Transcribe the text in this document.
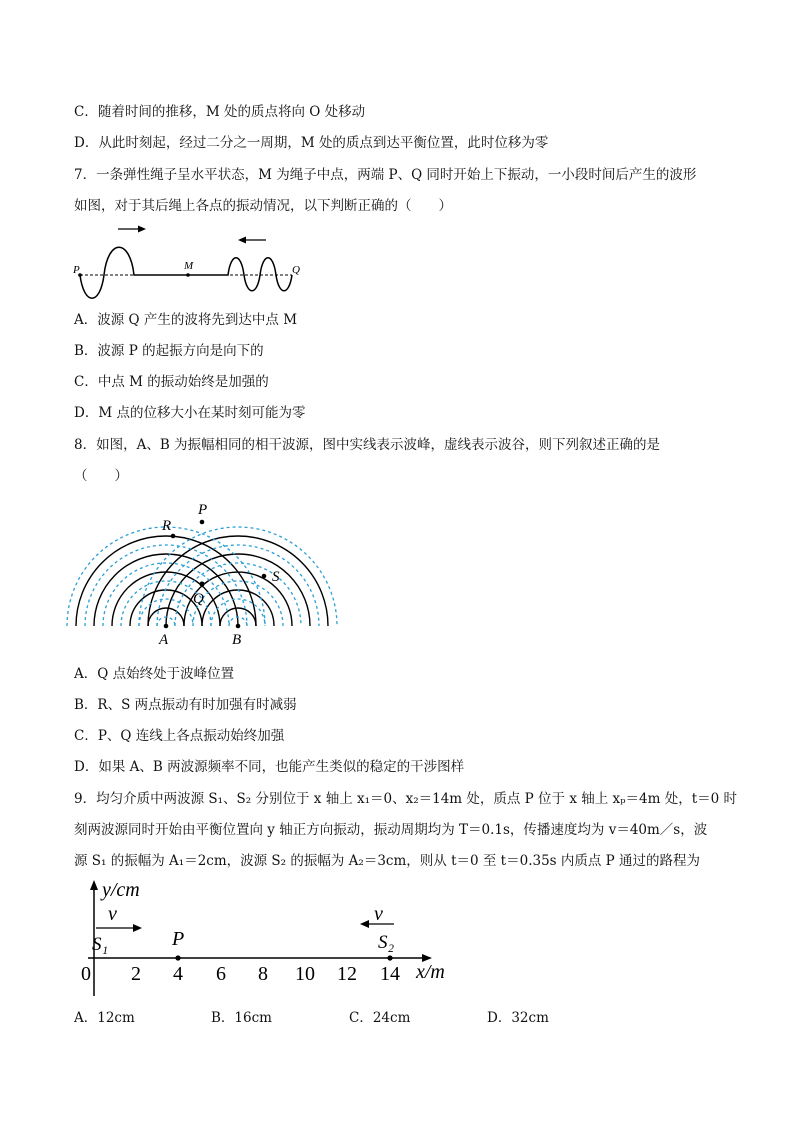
C．随着时间的推移，M 处的质点将向 O 处移动
D．从此时刻起，经过二分之一周期，M 处的质点到达平衡位置，此时位移为零
7．一条弹性绳子呈水平状态，M 为绳子中点，两端 P、Q 同时开始上下振动，一小段时间后产生的波形
如图，对于其后绳上各点的振动情况，以下判断正确的（　　）
P	M	Q
A．波源 Q 产生的波将先到达中点 M
B．波源 P 的起振方向是向下的
C．中点 M 的振动始终是加强的
D．M 点的位移大小在某时刻可能为零
8．如图，A、B 为振幅相同的相干波源，图中实线表示波峰，虚线表示波谷，则下列叙述正确的是
（　　）
P
R
S
Q
A	B
A．Q 点始终处于波峰位置
B．R、S 两点振动有时加强有时减弱
C．P、Q 连线上各点振动始终加强
D．如果 A、B 两波源频率不同，也能产生类似的稳定的干涉图样
9．均匀介质中两波源 S₁、S₂ 分别位于 x 轴上 x₁＝0、x₂＝14m 处，质点 P 位于 x 轴上 xₚ＝4m 处，t＝0 时
刻两波源同时开始由平衡位置向 y 轴正方向振动，振动周期均为 T＝0.1s，传播速度均为 v＝40m／s，波
源 S₁ 的振幅为 A₁＝2cm，波源 S₂ 的振幅为 A₂＝3cm，则从 t＝0 至 t＝0.35s 内质点 P 通过的路程为
y/cm
x/m
v	v
S₁	P	S₂
0 2 4 6 8 10 12 14
A．12cm	B．16cm	C．24cm	D．32cm
